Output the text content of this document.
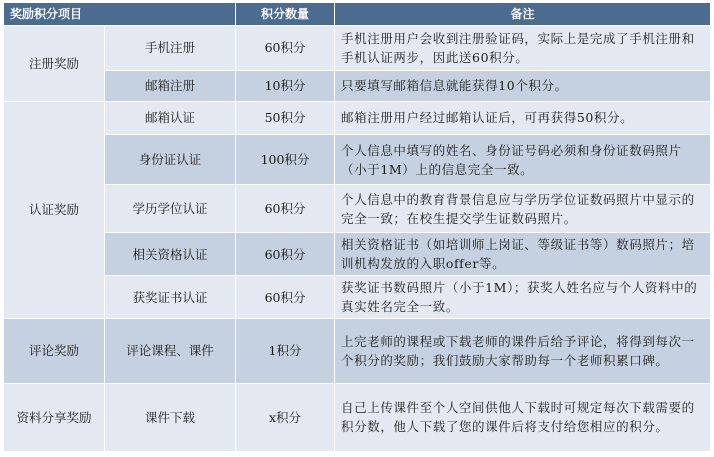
奖励积分项目		积分数量	备注
注册奖励	手机注册	60积分	手机注册用户会收到注册验证码，实际上是完成了手机注册和手机认证两步，因此送60积分。
	邮箱注册	10积分	只要填写邮箱信息就能获得10个积分。
认证奖励	邮箱认证	50积分	邮箱注册用户经过邮箱认证后，可再获得50积分。
	身份证认证	100积分	个人信息中填写的姓名、身份证号码必须和身份证数码照片（小于1M）上的信息完全一致。
	学历学位认证	60积分	个人信息中的教育背景信息应与学历学位证数码照片中显示的完全一致；在校生提交学生证数码照片。
	相关资格认证	60积分	相关资格证书（如培训师上岗证、等级证书等）数码照片；培训机构发放的入职offer等。
	获奖证书认证	60积分	获奖证书数码照片（小于1M）；获奖人姓名应与个人资料中的真实姓名完全一致。
评论奖励	评论课程、课件	1积分	上完老师的课程或下载老师的课件后给予评论，将得到每次一个积分的奖励；我们鼓励大家帮助每一个老师积累口碑。
资料分享奖励	课件下载	x积分	自己上传课件至个人空间供他人下载时可规定每次下载需要的积分数，他人下载了您的课件后将支付给您相应的积分。
